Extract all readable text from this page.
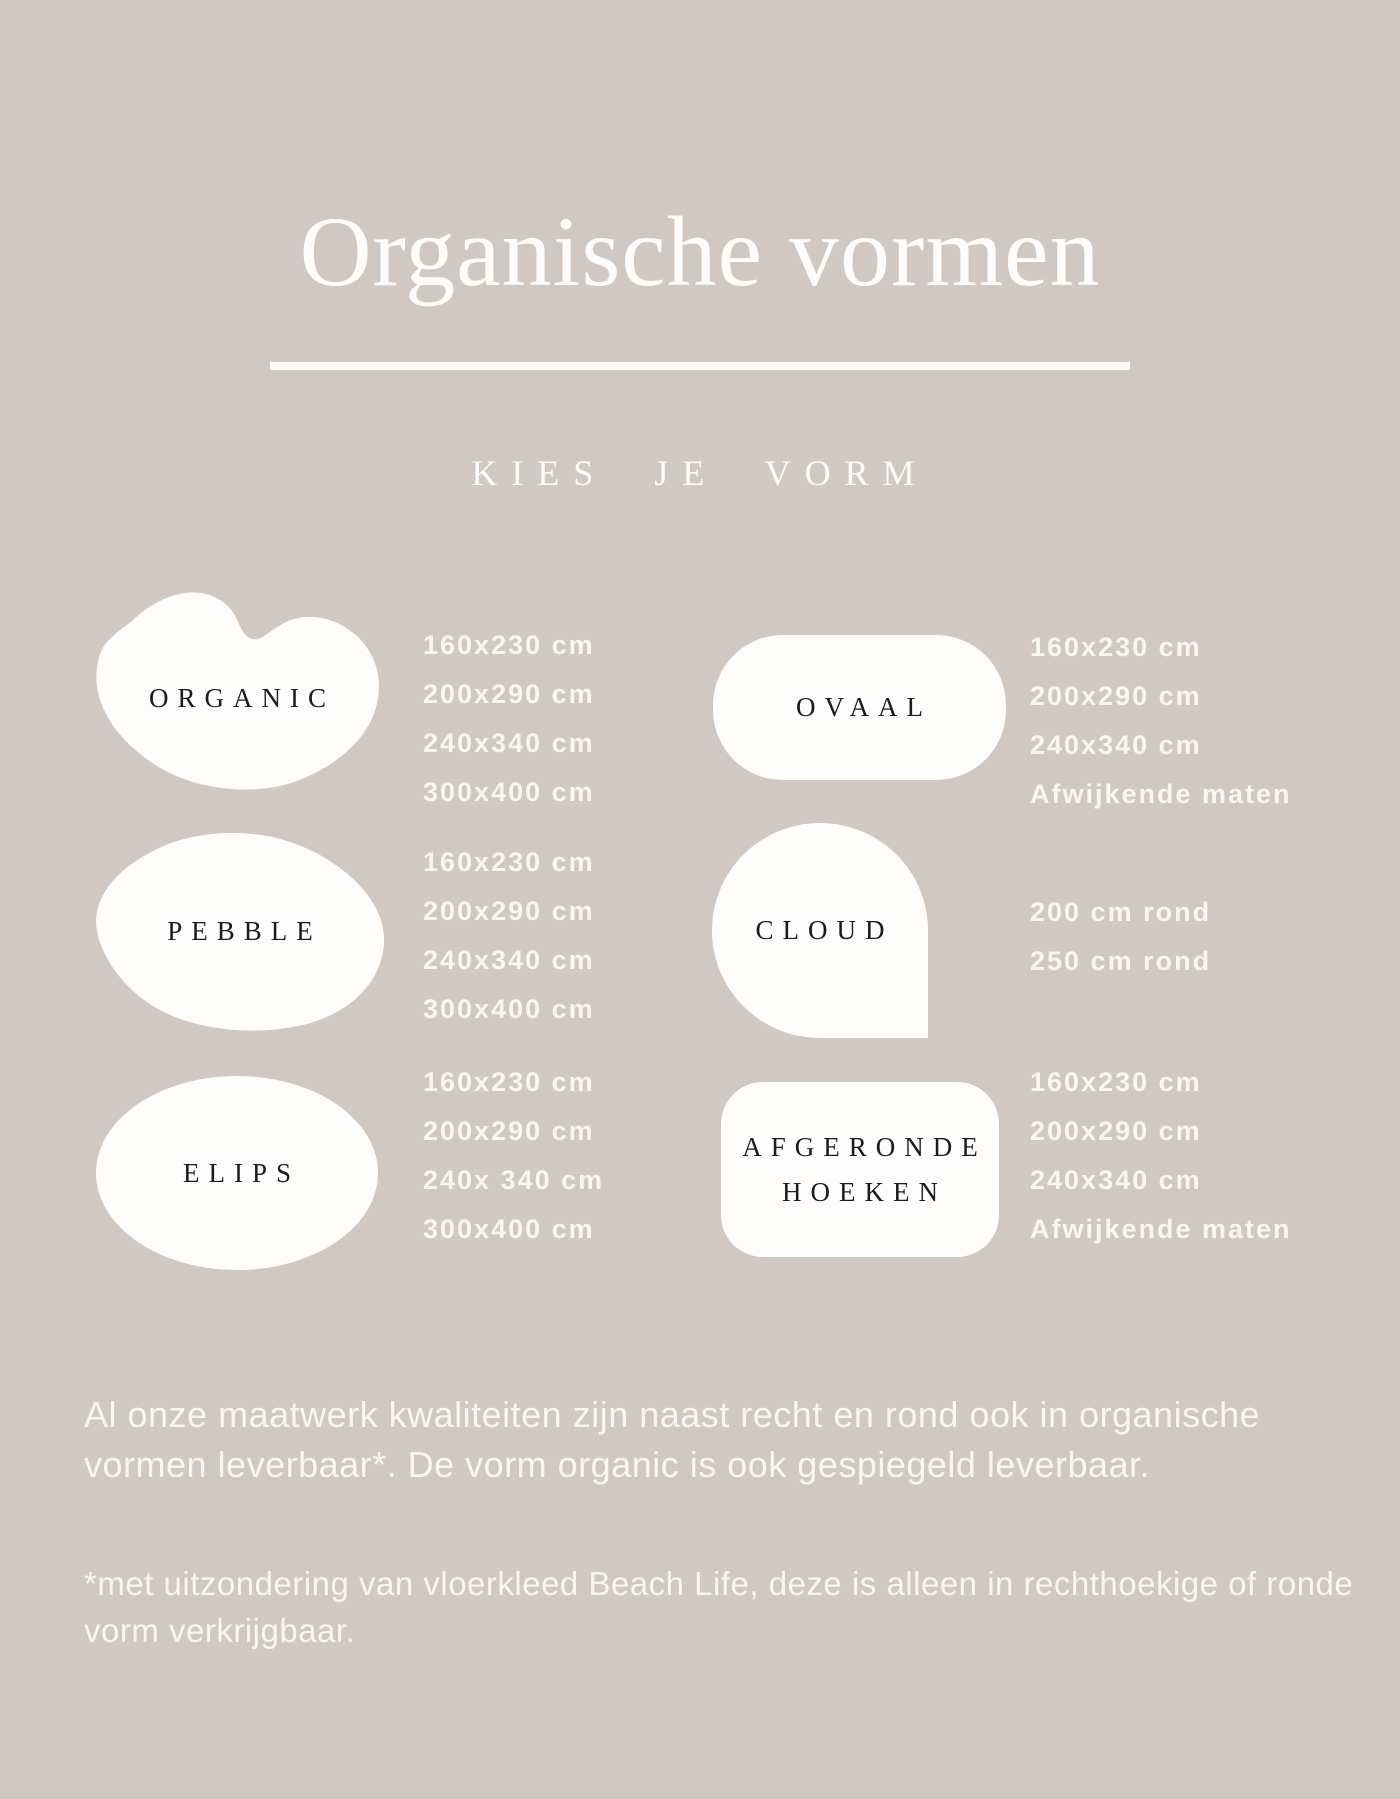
Organische vormen
KIES JE VORM
ORGANIC
160x230 cm
200x290 cm
240x340 cm
300x400 cm
OVAAL
160x230 cm
200x290 cm
240x340 cm
Afwijkende maten
PEBBLE
160x230 cm
200x290 cm
240x340 cm
300x400 cm
CLOUD
200 cm rond
250 cm rond
ELIPS
160x230 cm
200x290 cm
240x 340 cm
300x400 cm
AFGERONDE
HOEKEN
160x230 cm
200x290 cm
240x340 cm
Afwijkende maten
Al onze maatwerk kwaliteiten zijn naast recht en rond ook in organische vormen leverbaar*. De vorm organic is ook gespiegeld leverbaar.
*met uitzondering van vloerkleed Beach Life, deze is alleen in rechthoekige of ronde vorm verkrijgbaar.
